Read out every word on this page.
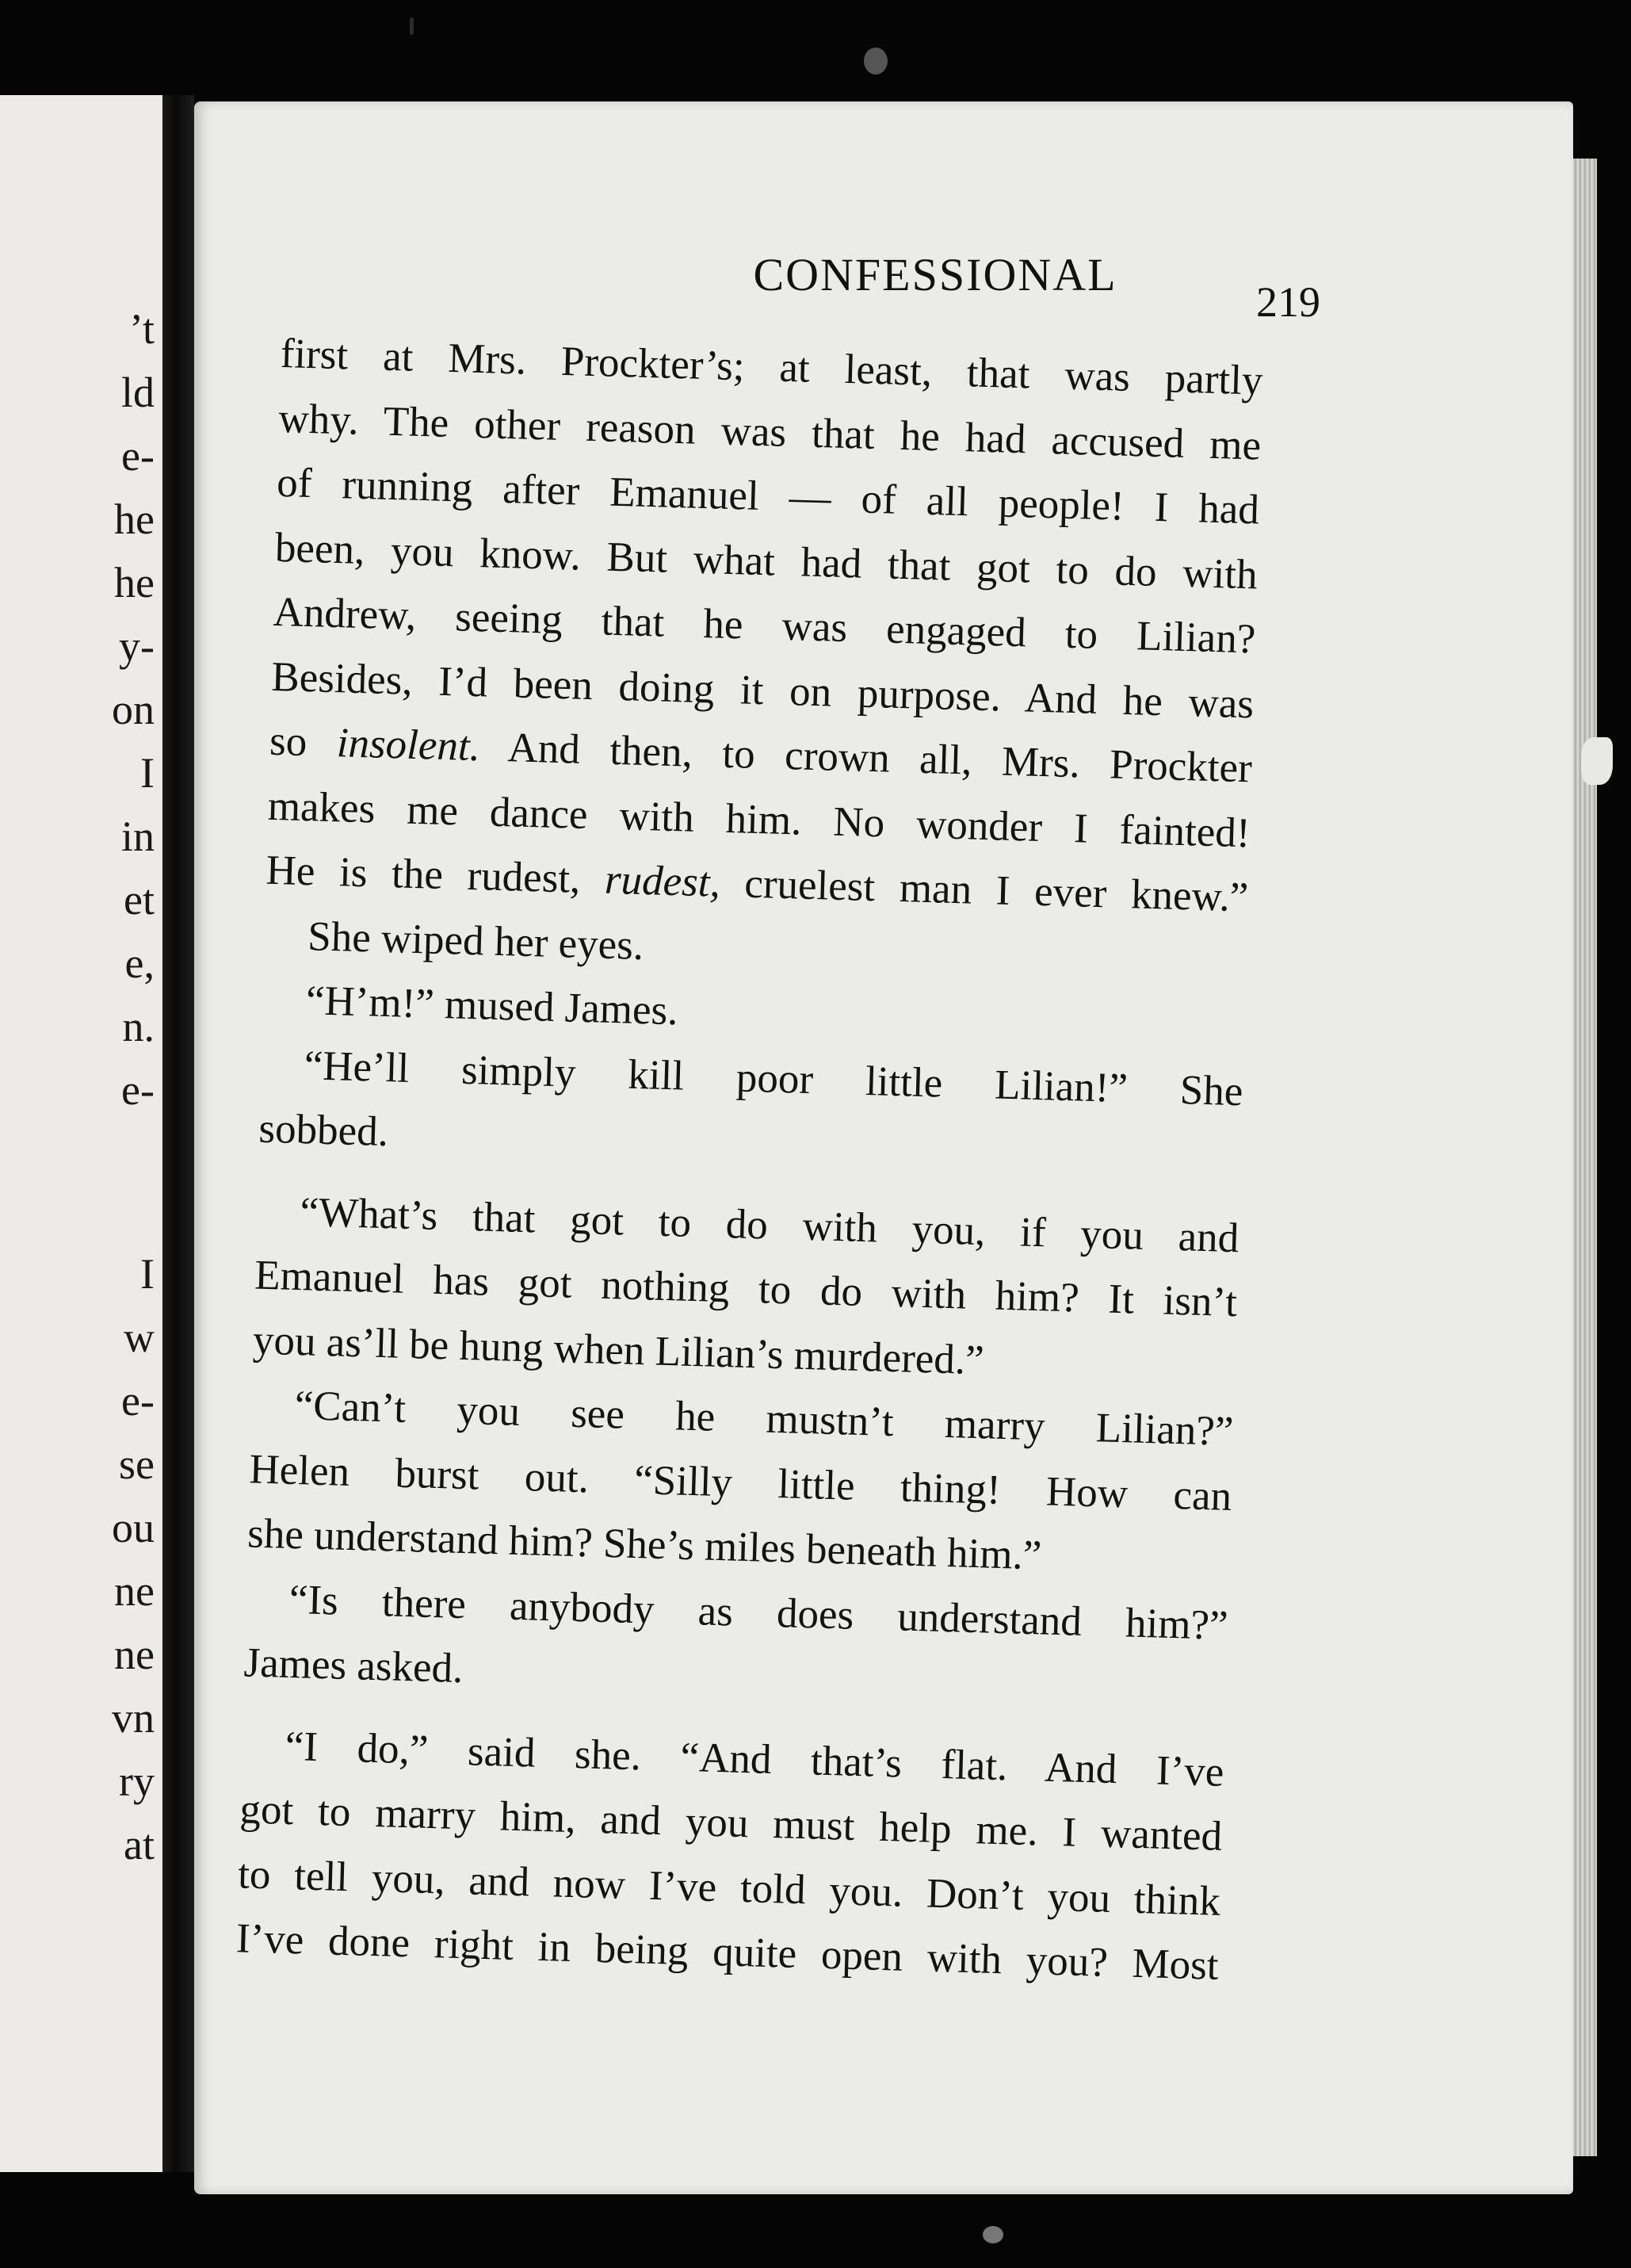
’t
ld
e-
he
he
y-
on
I
in
et
e,
n.
e-
I
w
e-
se
ou
ne
ne
vn
ry
at
CONFESSIONAL
219
first at Mrs. Prockter’s; at least, that was partly
why. The other reason was that he had accused me
of running after Emanuel — of all people! I had
been, you know. But what had that got to do with
Andrew, seeing that he was engaged to Lilian?
Besides, I’d been doing it on purpose. And he was
so insolent. And then, to crown all, Mrs. Prockter
makes me dance with him. No wonder I fainted!
He is the rudest, rudest, cruelest man I ever knew.”
She wiped her eyes.
“H’m!” mused James.
“He’ll simply kill poor little Lilian!” She
sobbed.
“What’s that got to do with you, if you and
Emanuel has got nothing to do with him? It isn’t
you as’ll be hung when Lilian’s murdered.”
“Can’t you see he mustn’t marry Lilian?”
Helen burst out. “Silly little thing! How can
she understand him? She’s miles beneath him.”
“Is there anybody as does understand him?”
James asked.
“I do,” said she. “And that’s flat. And I’ve
got to marry him, and you must help me. I wanted
to tell you, and now I’ve told you. Don’t you think
I’ve done right in being quite open with you? Most
